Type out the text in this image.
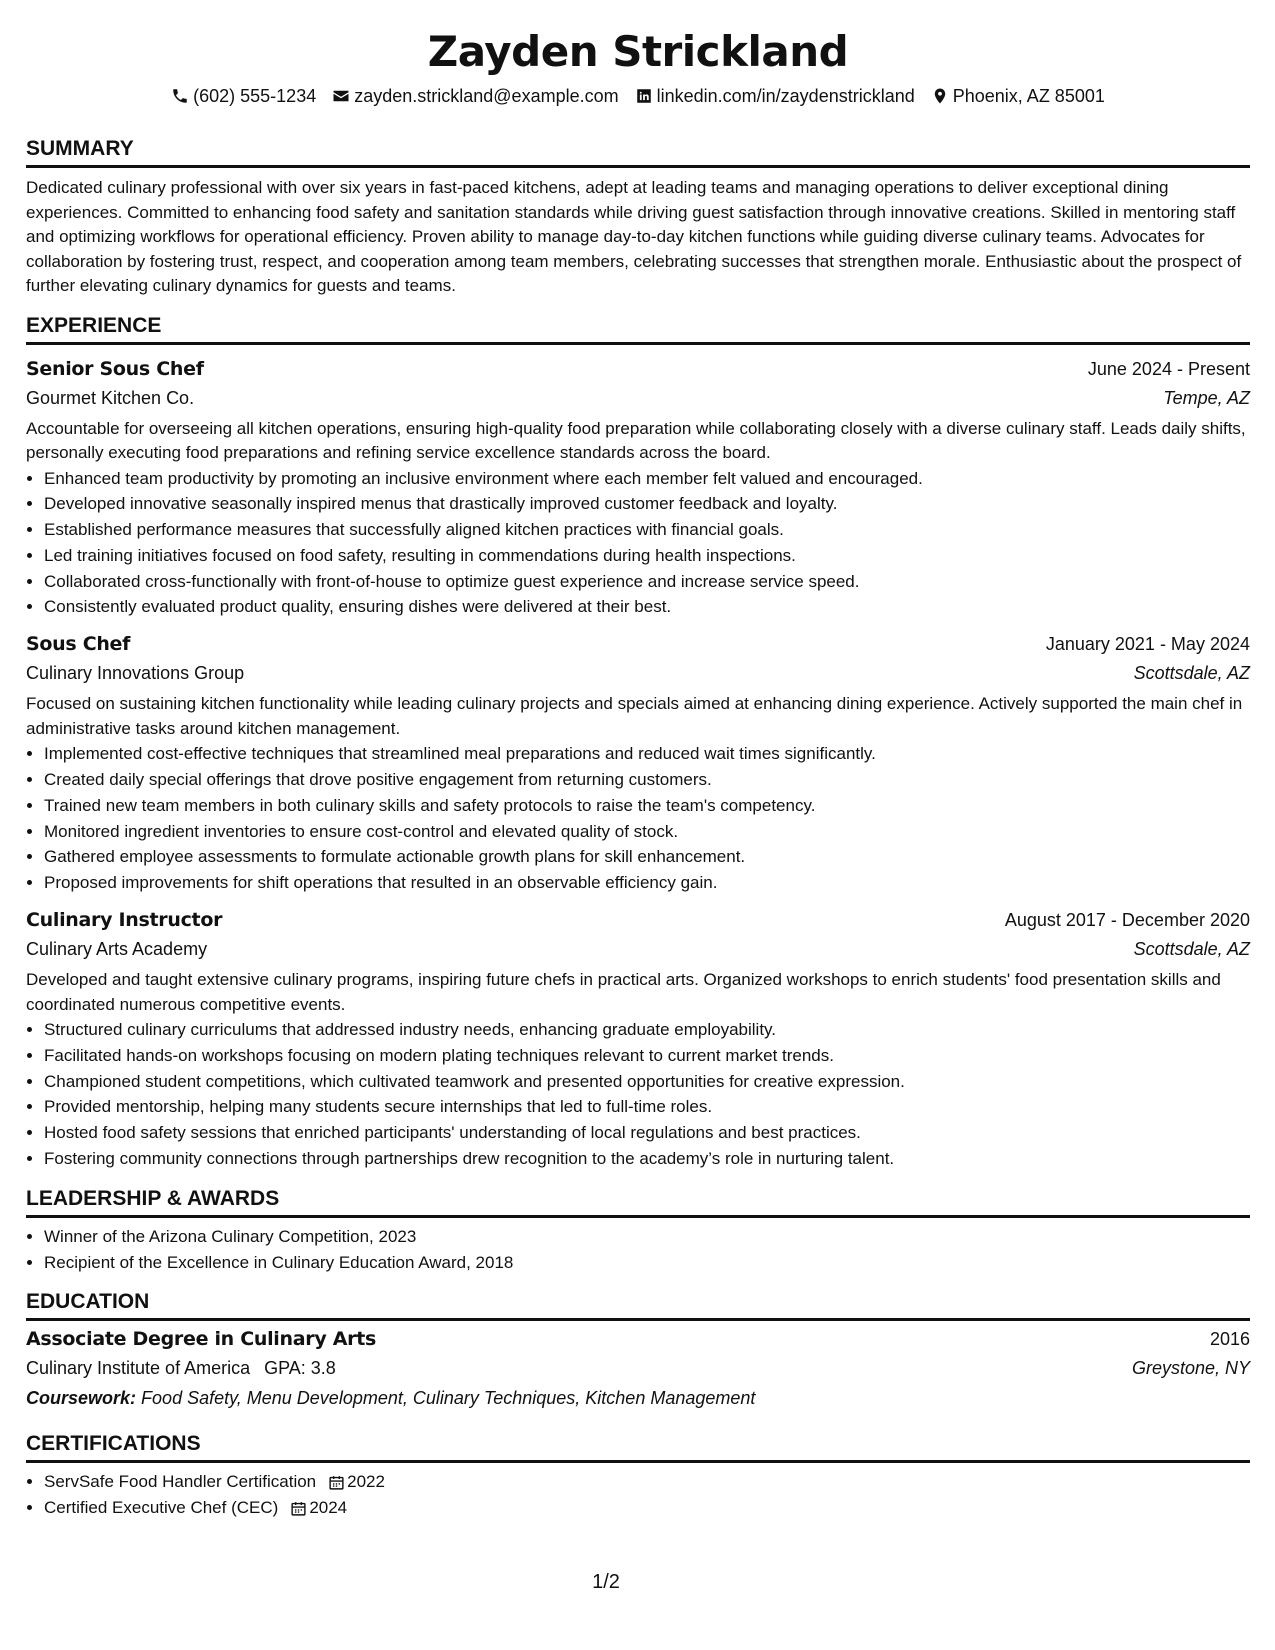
Zayden Strickland
(602) 555-1234 zayden.strickland@example.com linkedin.com/in/zaydenstrickland Phoenix, AZ 85001
SUMMARY
Dedicated culinary professional with over six years in fast-paced kitchens, adept at leading teams and managing operations to deliver exceptional dining experiences. Committed to enhancing food safety and sanitation standards while driving guest satisfaction through innovative creations. Skilled in mentoring staff and optimizing workflows for operational efficiency. Proven ability to manage day-to-day kitchen functions while guiding diverse culinary teams. Advocates for collaboration by fostering trust, respect, and cooperation among team members, celebrating successes that strengthen morale. Enthusiastic about the prospect of further elevating culinary dynamics for guests and teams.
EXPERIENCE
Senior Sous Chef	June 2024 - Present
Gourmet Kitchen Co.	Tempe, AZ
Accountable for overseeing all kitchen operations, ensuring high-quality food preparation while collaborating closely with a diverse culinary staff. Leads daily shifts, personally executing food preparations and refining service excellence standards across the board.
• Enhanced team productivity by promoting an inclusive environment where each member felt valued and encouraged.
• Developed innovative seasonally inspired menus that drastically improved customer feedback and loyalty.
• Established performance measures that successfully aligned kitchen practices with financial goals.
• Led training initiatives focused on food safety, resulting in commendations during health inspections.
• Collaborated cross-functionally with front-of-house to optimize guest experience and increase service speed.
• Consistently evaluated product quality, ensuring dishes were delivered at their best.
Sous Chef	January 2021 - May 2024
Culinary Innovations Group	Scottsdale, AZ
Focused on sustaining kitchen functionality while leading culinary projects and specials aimed at enhancing dining experience. Actively supported the main chef in administrative tasks around kitchen management.
• Implemented cost-effective techniques that streamlined meal preparations and reduced wait times significantly.
• Created daily special offerings that drove positive engagement from returning customers.
• Trained new team members in both culinary skills and safety protocols to raise the team's competency.
• Monitored ingredient inventories to ensure cost-control and elevated quality of stock.
• Gathered employee assessments to formulate actionable growth plans for skill enhancement.
• Proposed improvements for shift operations that resulted in an observable efficiency gain.
Culinary Instructor	August 2017 - December 2020
Culinary Arts Academy	Scottsdale, AZ
Developed and taught extensive culinary programs, inspiring future chefs in practical arts. Organized workshops to enrich students' food presentation skills and coordinated numerous competitive events.
• Structured culinary curriculums that addressed industry needs, enhancing graduate employability.
• Facilitated hands-on workshops focusing on modern plating techniques relevant to current market trends.
• Championed student competitions, which cultivated teamwork and presented opportunities for creative expression.
• Provided mentorship, helping many students secure internships that led to full-time roles.
• Hosted food safety sessions that enriched participants' understanding of local regulations and best practices.
• Fostering community connections through partnerships drew recognition to the academy’s role in nurturing talent.
LEADERSHIP & AWARDS
• Winner of the Arizona Culinary Competition, 2023
• Recipient of the Excellence in Culinary Education Award, 2018
EDUCATION
Associate Degree in Culinary Arts	2016
Culinary Institute of America GPA: 3.8	Greystone, NY
Coursework: Food Safety, Menu Development, Culinary Techniques, Kitchen Management
CERTIFICATIONS
• ServSafe Food Handler Certification 2022
• Certified Executive Chef (CEC) 2024
1/2
